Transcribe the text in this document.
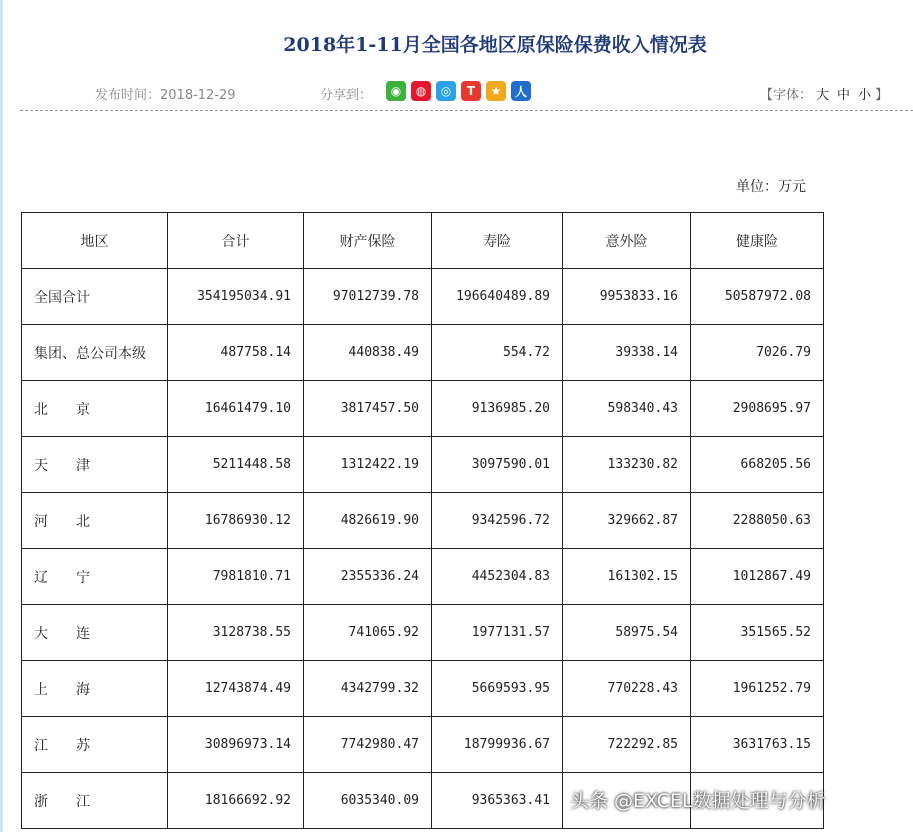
2018年1-11月全国各地区原保险保费收入情况表
发布时间：2018-12-29	分享到：	◉	◍	◎	T	★	人	【字体： 大 中 小 】
单位：万元
地区	合计	财产保险	寿险	意外险	健康险
全国合计	354195034.91	97012739.78	196640489.89	9953833.16	50587972.08
集团、总公司本级	487758.14	440838.49	554.72	39338.14	7026.79
北　　京	16461479.10	3817457.50	9136985.20	598340.43	2908695.97
天　　津	5211448.58	1312422.19	3097590.01	133230.82	668205.56
河　　北	16786930.12	4826619.90	9342596.72	329662.87	2288050.63
辽　　宁	7981810.71	2355336.24	4452304.83	161302.15	1012867.49
大　　连	3128738.55	741065.92	1977131.57	58975.54	351565.52
上　　海	12743874.49	4342799.32	5669593.95	770228.43	1961252.79
江　　苏	30896973.14	7742980.47	18799936.67	722292.85	3631763.15
浙　　江	18166692.92	6035340.09	9365363.41		头条 @EXCEL数据处理与分析
